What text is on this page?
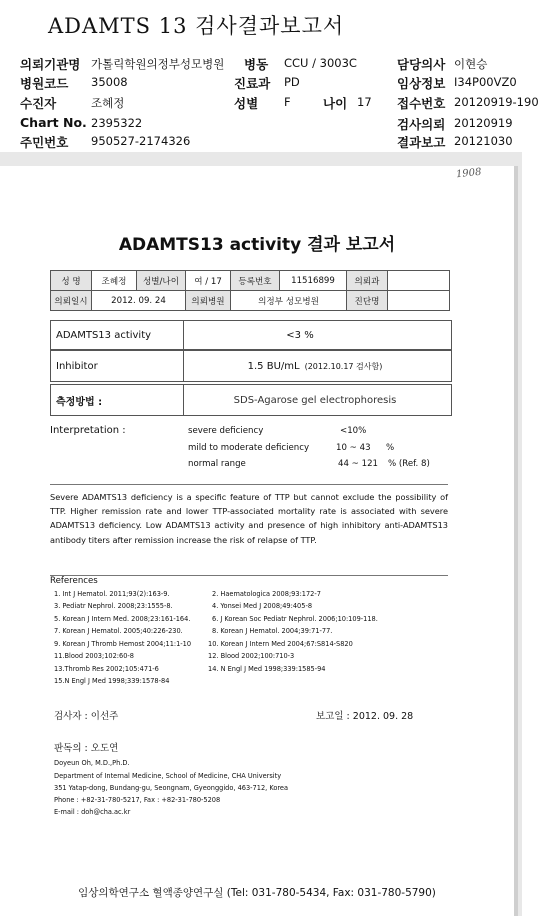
ADAMTS 13 검사결과보고서
의뢰기관명 가톨릭학원의정부성모병원 병동 CCU / 3003C	담당의사 이현승
병원코드 35008	진료과 PD	임상정보 I34P00VZ0
수진자	조혜정	성별 F	나이 17 접수번호 20120919-190
Chart No. 2395322	검사의뢰 20120919
주민번호 950527-2174326	결과보고 20121030
1908
ADAMTS13 activity 결과 보고서
성 명	조혜정	성별/나이	여 / 17	등록번호	11516899	의뢰과	
의뢰일시	2012. 09. 24		의뢰병원	의정부 성모병원		진단명	
ADAMTS13 activity	<3 %
Inhibitor	1.5 BU/mL (2012.10.17 검사함)
측정방법 :	SDS-Agarose gel electrophoresis
Interpretation :	severe deficiency	<10%
mild to moderate deficiency	10 ~ 43 %
normal range	44 ~ 121 % (Ref. 8)
Severe ADAMTS13 deficiency is a specific feature of TTP but cannot exclude the possibility of TTP. Higher remission rate and lower TTP-associated mortality rate is associated with severe ADAMTS13 deficiency. Low ADAMTS13 activity and presence of high inhibitory anti-ADAMTS13 antibody titers after remission increase the risk of relapse of TTP.
References
1. Int J Hematol. 2011;93(2):163-9.
3. Pediatr Nephrol. 2008;23:1555-8.
5. Korean J Intern Med. 2008;23:161-164.
7. Korean J Hematol. 2005;40:226-230.
9. Korean J Thromb Hemost 2004;11:1-10
11.Blood 2003;102:60-8
13.Thromb Res 2002;105:471-6
15.N Engl J Med 1998;339:1578-84
2. Haematologica 2008;93:172-7
4. Yonsei Med J 2008;49:405-8
6. J Korean Soc Pediatr Nephrol. 2006;10:109-118.
8. Korean J Hematol. 2004;39:71-77.
10. Korean J Intern Med 2004;67:S814-S820
12. Blood 2002;100:710-3
14. N Engl J Med 1998;339:1585-94
검사자 : 이선주	보고일 : 2012. 09. 28
판독의 : 오도연
Doyeun Oh, M.D.,Ph.D.
Department of Internal Medicine, School of Medicine, CHA University
351 Yatap-dong, Bundang-gu, Seongnam, Gyeonggido, 463-712, Korea
Phone : +82-31-780-5217, Fax : +82-31-780-5208
E-mail : doh@cha.ac.kr
임상의학연구소 혈액종양연구실 (Tel: 031-780-5434, Fax: 031-780-5790)
